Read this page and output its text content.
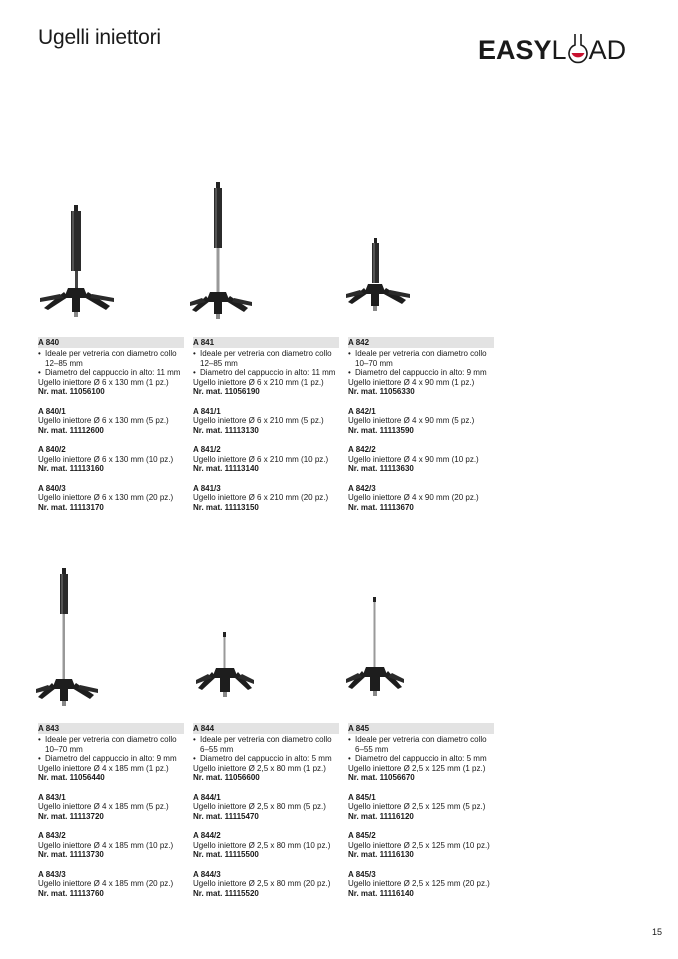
Ugelli iniettori	EASYL AD
A 840
• Ideale per vetreria con diametro collo 12–85 mm
• Diametro del cappuccio in alto: 11 mm
Ugello iniettore Ø 6 x 130 mm (1 pz.)
Nr. mat. 11056100
A 840/1
Ugello iniettore Ø 6 x 130 mm (5 pz.)
Nr. mat. 11112600
A 840/2
Ugello iniettore Ø 6 x 130 mm (10 pz.)
Nr. mat. 11113160
A 840/3
Ugello iniettore Ø 6 x 130 mm (20 pz.)
Nr. mat. 11113170
A 841
• Ideale per vetreria con diametro collo 12–85 mm
• Diametro del cappuccio in alto: 11 mm
Ugello iniettore Ø 6 x 210 mm (1 pz.)
Nr. mat. 11056190
A 841/1
Ugello iniettore Ø 6 x 210 mm (5 pz.)
Nr. mat. 11113130
A 841/2
Ugello iniettore Ø 6 x 210 mm (10 pz.)
Nr. mat. 11113140
A 841/3
Ugello iniettore Ø 6 x 210 mm (20 pz.)
Nr. mat. 11113150
A 842
• Ideale per vetreria con diametro collo 10–70 mm
• Diametro del cappuccio in alto: 9 mm
Ugello iniettore Ø 4 x 90 mm (1 pz.)
Nr. mat. 11056330
A 842/1
Ugello iniettore Ø 4 x 90 mm (5 pz.)
Nr. mat. 11113590
A 842/2
Ugello iniettore Ø 4 x 90 mm (10 pz.)
Nr. mat. 11113630
A 842/3
Ugello iniettore Ø 4 x 90 mm (20 pz.)
Nr. mat. 11113670
A 843
• Ideale per vetreria con diametro collo 10–70 mm
• Diametro del cappuccio in alto: 9 mm
Ugello iniettore Ø 4 x 185 mm (1 pz.)
Nr. mat. 11056440
A 843/1
Ugello iniettore Ø 4 x 185 mm (5 pz.)
Nr. mat. 11113720
A 843/2
Ugello iniettore Ø 4 x 185 mm (10 pz.)
Nr. mat. 11113730
A 843/3
Ugello iniettore Ø 4 x 185 mm (20 pz.)
Nr. mat. 11113760
A 844
• Ideale per vetreria con diametro collo 6–55 mm
• Diametro del cappuccio in alto: 5 mm
Ugello iniettore Ø 2,5 x 80 mm (1 pz.)
Nr. mat. 11056600
A 844/1
Ugello iniettore Ø 2,5 x 80 mm (5 pz.)
Nr. mat. 11115470
A 844/2
Ugello iniettore Ø 2,5 x 80 mm (10 pz.)
Nr. mat. 11115500
A 844/3
Ugello iniettore Ø 2,5 x 80 mm (20 pz.)
Nr. mat. 11115520
A 845
• Ideale per vetreria con diametro collo 6–55 mm
• Diametro del cappuccio in alto: 5 mm
Ugello iniettore Ø 2,5 x 125 mm (1 pz.)
Nr. mat. 11056670
A 845/1
Ugello iniettore Ø 2,5 x 125 mm (5 pz.)
Nr. mat. 11116120
A 845/2
Ugello iniettore Ø 2,5 x 125 mm (10 pz.)
Nr. mat. 11116130
A 845/3
Ugello iniettore Ø 2,5 x 125 mm (20 pz.)
Nr. mat. 11116140
15
